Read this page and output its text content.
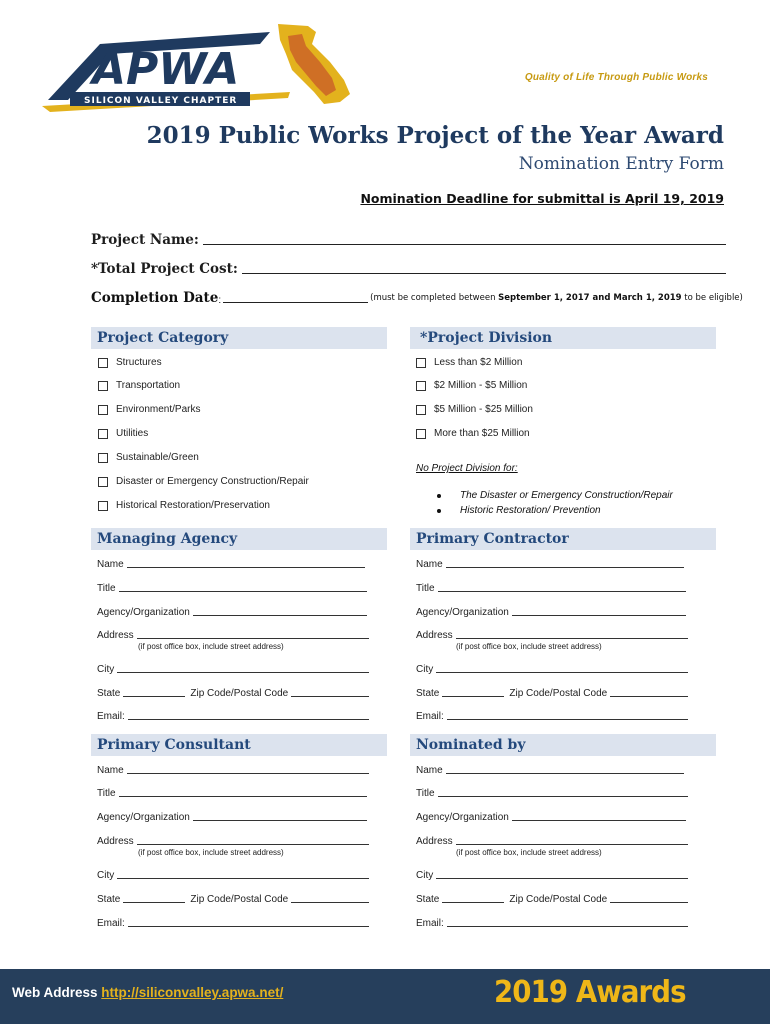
APWA
SILICON VALLEY CHAPTER
Quality of Life Through Public Works
2019 Public Works Project of the Year Award
Nomination Entry Form
Nomination Deadline for submittal is April 19, 2019
Project Name:
*Total Project Cost:
Completion Date :	(must be completed between September 1, 2017 and March 1, 2019 to be eligible)
Project Category	*Project Division
Structures
Transportation
Environment/Parks
Utilities
Sustainable/Green
Disaster or Emergency Construction/Repair
Historical Restoration/Preservation
Less than $2 Million
$2 Million - $5 Million
$5 Million - $25 Million
More than $25 Million
No Project Division for:
The Disaster or Emergency Construction/Repair
Historic Restoration/ Prevention
Managing Agency	Primary Contractor
Name
Title
Agency/Organization
Address
(if post office box, include street address)
City
State	Zip Code/Postal Code
Email:
Name
Title
Agency/Organization
Address
(if post office box, include street address)
City
State	Zip Code/Postal Code
Email:
Primary Consultant	Nominated by
Name
Title
Agency/Organization
Address
(if post office box, include street address)
City
State	Zip Code/Postal Code
Email:
Name
Title
Agency/Organization
Address
(if post office box, include street address)
City
State	Zip Code/Postal Code
Email:
Web Address http://siliconvalley.apwa.net/	2019 Awards
